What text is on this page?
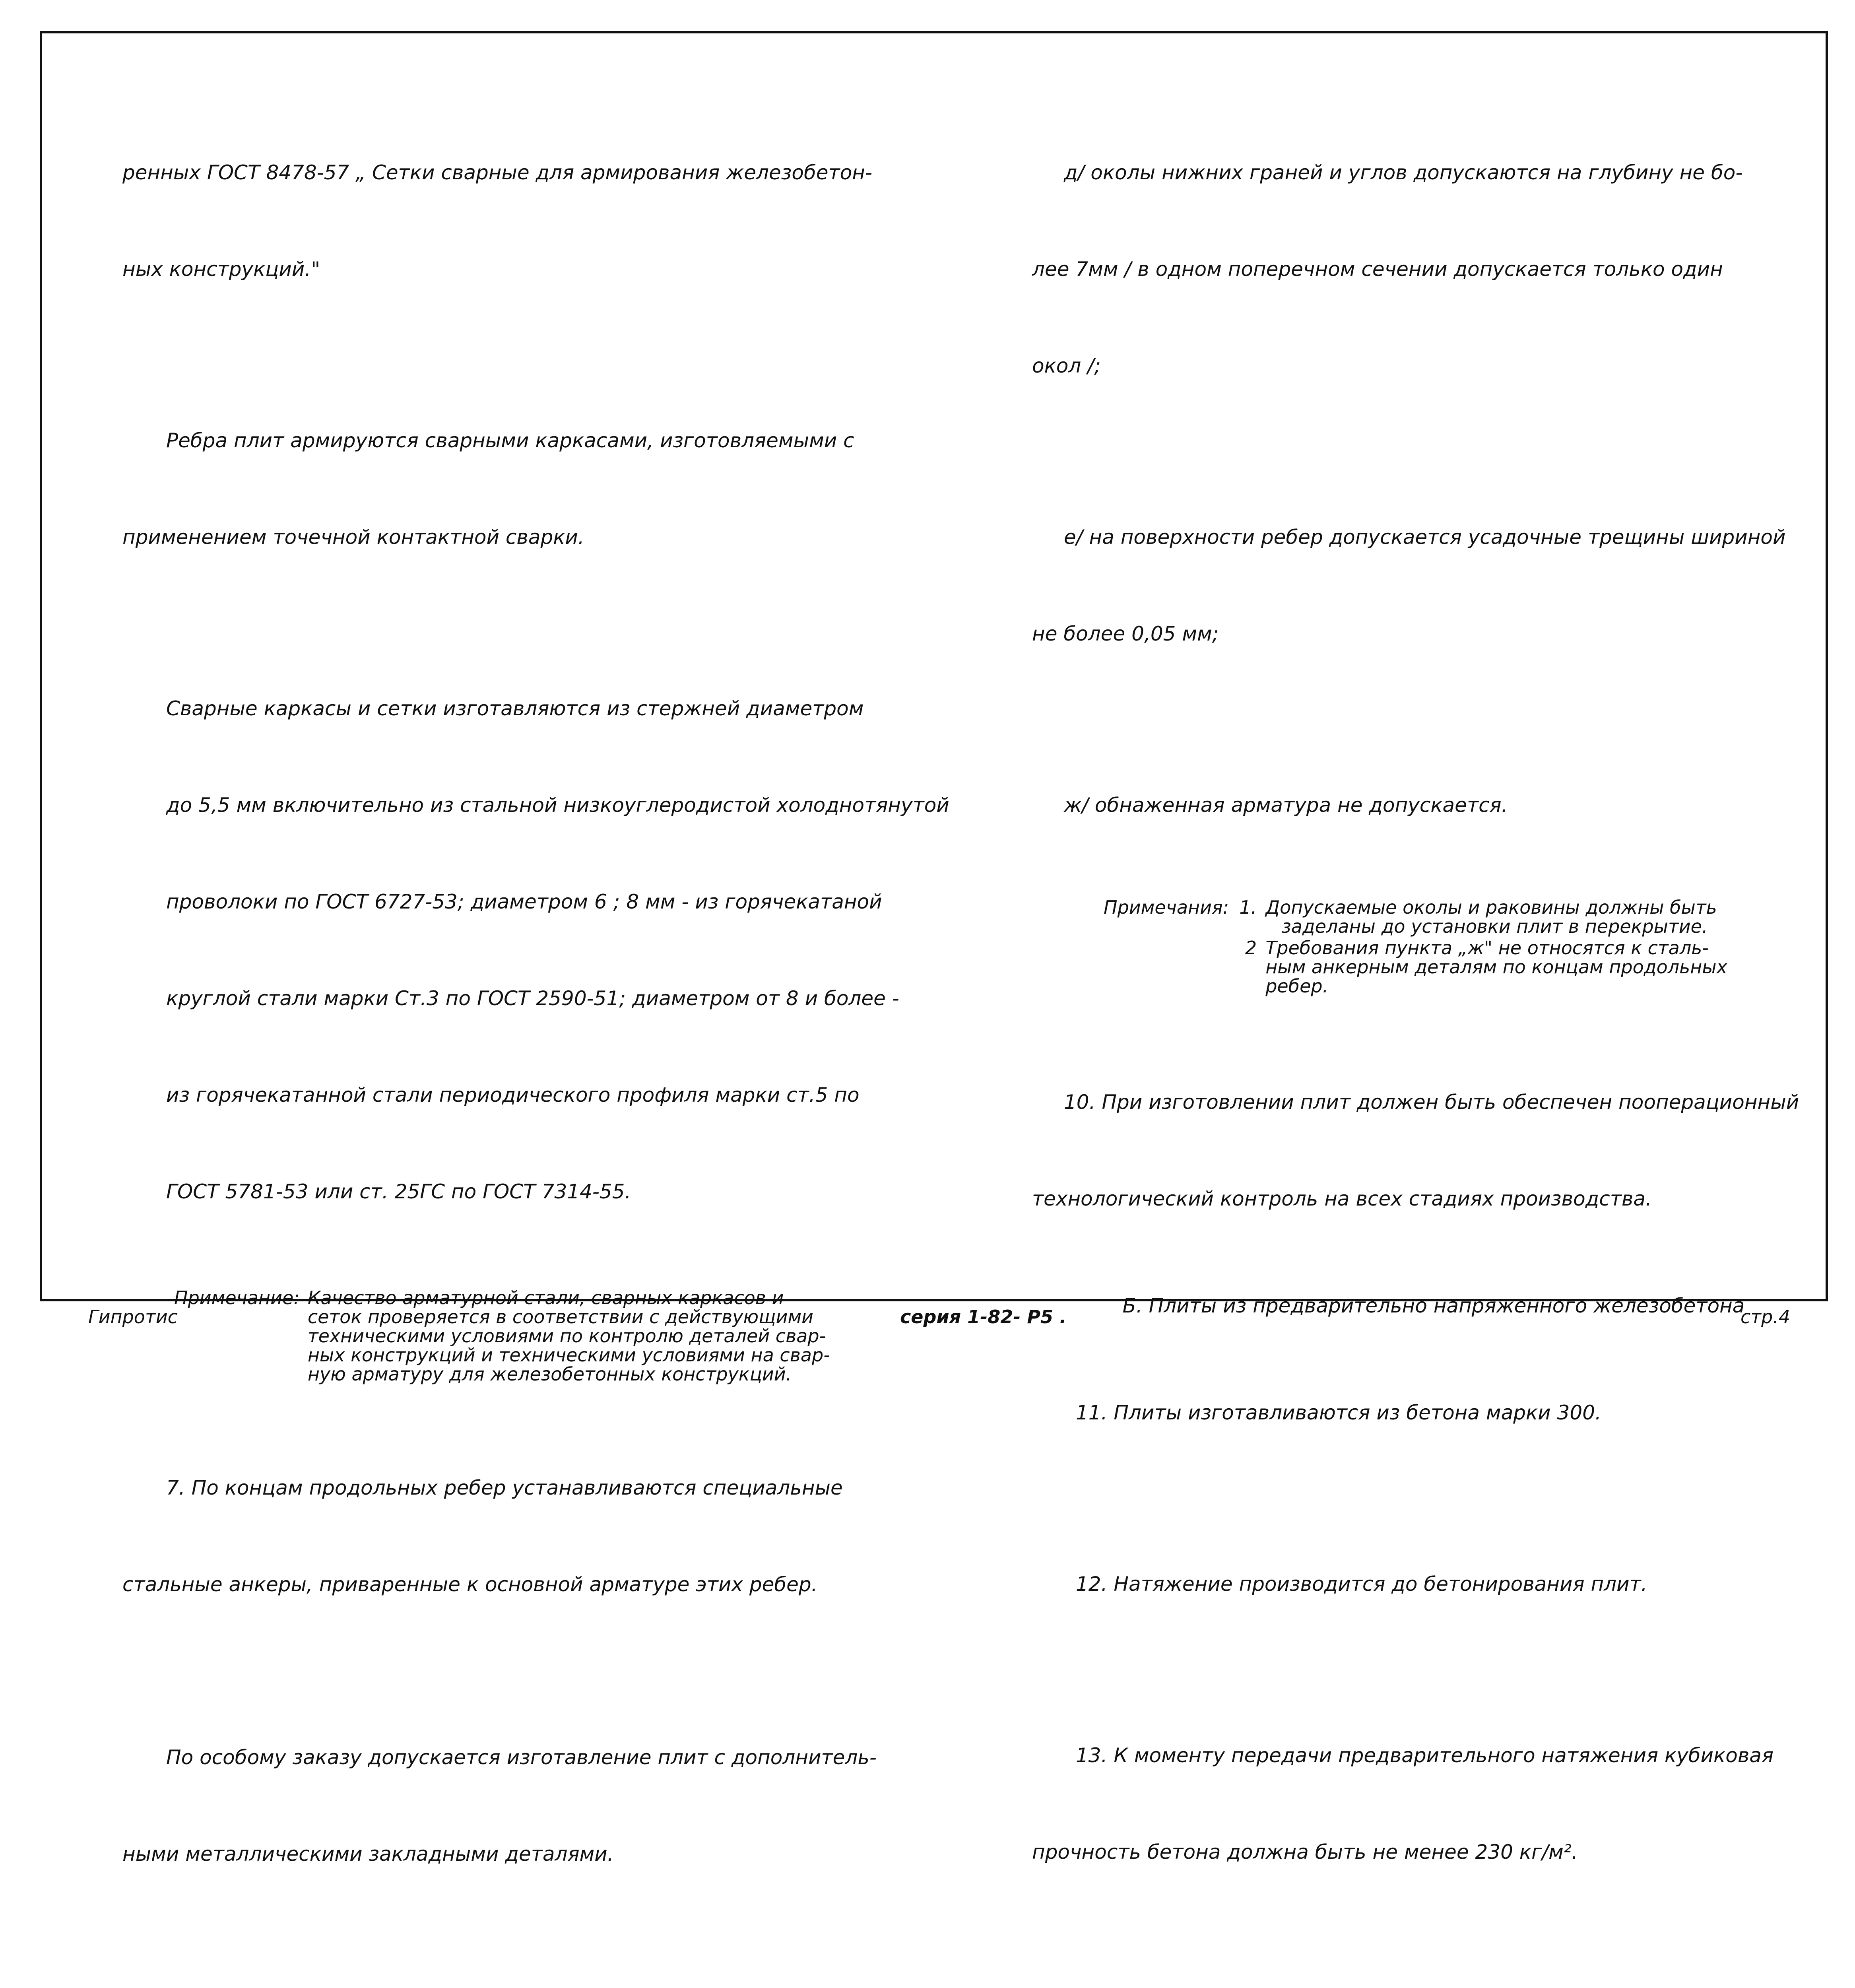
ренных ГОСТ 8478-57 „ Сетки сварные для армирования железобетон-

ных конструкций."

Ребра плит армируются сварными каркасами, изготовляемыми с

применением точечной контактной сварки.

Сварные каркасы и сетки изготавляются из стержней диаметром

до 5,5 мм включительно из стальной низкоуглеродистой холоднотянутой

проволоки по ГОСТ 6727-53; диаметром 6 ; 8 мм - из горячекатаной

круглой стали марки Ст.3 по ГОСТ 2590-51; диаметром от 8 и более -

из горячекатанной стали периодического профиля марки ст.5 по

ГОСТ 5781-53 или ст. 25ГС по ГОСТ 7314-55.

Примечание: Качество арматурной стали, сварных каркасов и
сеток проверяется в соответствии с действующими
техническими условиями по контролю деталей свар-
ных конструкций и техническими условиями на свар-
ную арматуру для железобетонных конструкций.

7. По концам продольных ребер устанавливаются специальные

стальные анкеры, приваренные к основной арматуре этих ребер.

По особому заказу допускается изготавление плит с дополнитель-

ными металлическими закладными деталями.

д/ околы нижних граней и углов допускаются на глубину не бо-

лее 7мм / в одном поперечном сечении допускается только один

окол /;

е/ на поверхности ребер допускается усадочные трещины шириной

не более 0,05 мм;

ж/ обнаженная арматура не допускается.

Примечания: 1. Допускаемые околы и раковины должны быть
заделаны до установки плит в перекрытие.
2 Требования пункта „ж" не относятся к сталь-
ным анкерным деталям по концам продольных
ребер.

10. При изготовлении плит должен быть обеспечен пооперационный

технологический контроль на всех стадиях производства.

Б. Плиты из предварительно напряженного железобетона

11. Плиты изготавливаются из бетона марки 300.

12. Натяжение производится до бетонирования плит.

13. К моменту передачи предварительного натяжения кубиковая

прочность бетона должна быть не менее 230 кг/м².

Гипротис	серия 1-82- Р5 .	стр.4
